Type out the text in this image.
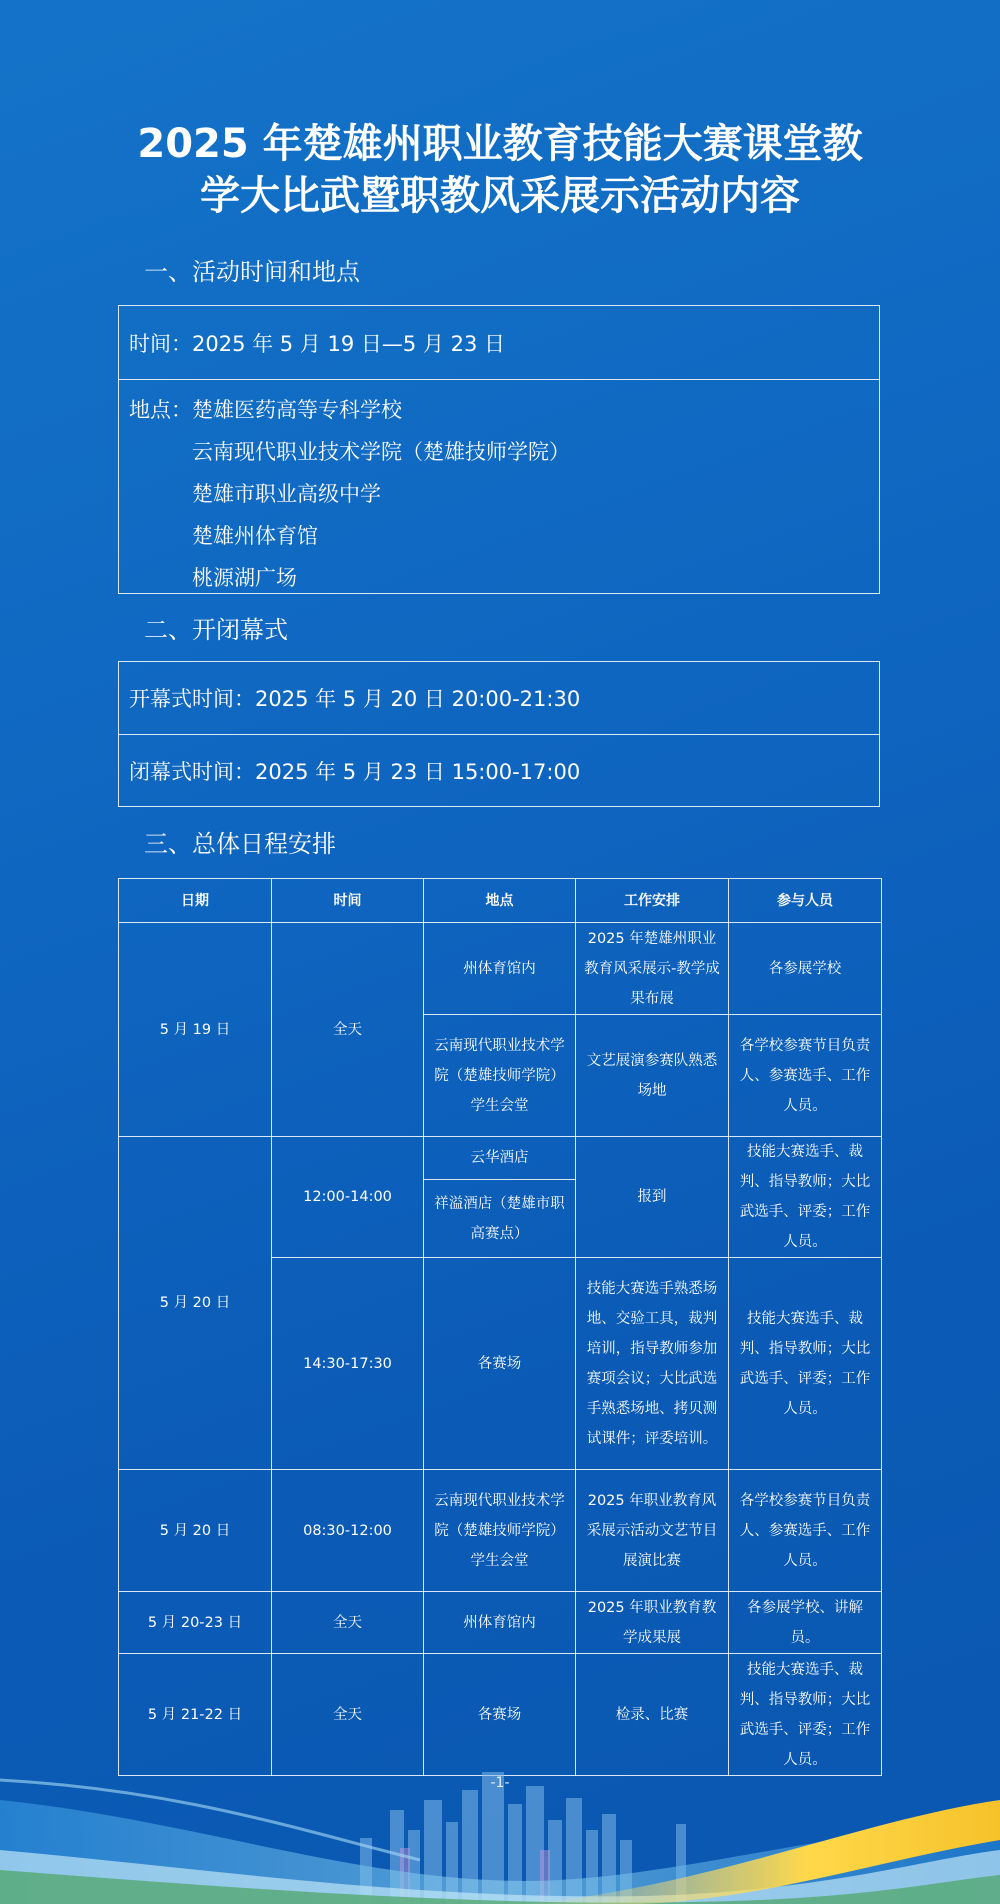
2025 年楚雄州职业教育技能大赛课堂教
学大比武暨职教风采展示活动内容
一、活动时间和地点
时间：2025 年 5 月 19 日—5 月 23 日
地点： 楚雄医药高等专科学校
云南现代职业技术学院（楚雄技师学院）
楚雄市职业高级中学
楚雄州体育馆
桃源湖广场
二、开闭幕式
开幕式时间：2025 年 5 月 20 日 20:00-21:30
闭幕式时间：2025 年 5 月 23 日 15:00-17:00
三、总体日程安排
日期	时间	地点	工作安排	参与人员
5 月 19 日	全天	州体育馆内	2025 年楚雄州职业教育风采展示-教学成果布展	各参展学校
		云南现代职业技术学院（楚雄技师学院）学生会堂	文艺展演参赛队熟悉场地	各学校参赛节目负责人、参赛选手、工作人员。
5 月 20 日	12:00-14:00	云华酒店	报到	技能大赛选手、裁判、指导教师；大比武选手、评委；工作人员。
		祥溢酒店（楚雄市职高赛点）		
	14:30-17:30	各赛场	技能大赛选手熟悉场地、交验工具，裁判培训，指导教师参加赛项会议；大比武选手熟悉场地、拷贝测试课件；评委培训。	技能大赛选手、裁判、指导教师；大比武选手、评委；工作人员。
5 月 20 日	08:30-12:00	云南现代职业技术学院（楚雄技师学院）学生会堂	2025 年职业教育风采展示活动文艺节目展演比赛	各学校参赛节目负责人、参赛选手、工作人员。
5 月 20-23 日	全天	州体育馆内	2025 年职业教育教学成果展	各参展学校、讲解员。
5 月 21-22 日	全天	各赛场	检录、比赛	技能大赛选手、裁判、指导教师；大比武选手、评委；工作人员。
-1-
